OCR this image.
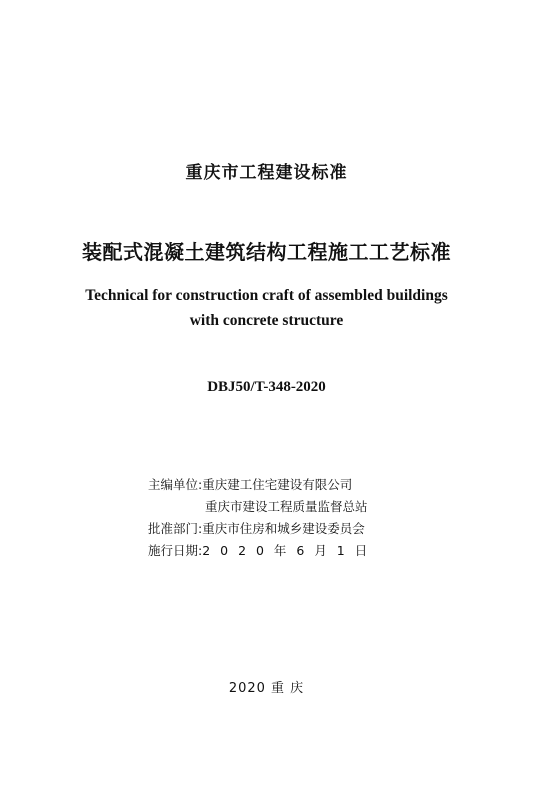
重庆市工程建设标准
装配式混凝土建筑结构工程施工工艺标准
Technical for construction craft of assembled buildings
with concrete structure
DBJ50/T-348-2020
主编单位:重庆建工住宅建设有限公司
重庆市建设工程质量监督总站
批准部门:重庆市住房和城乡建设委员会
施行日期:2 0 2 0 年 6 月 1 日
2020 重 庆
